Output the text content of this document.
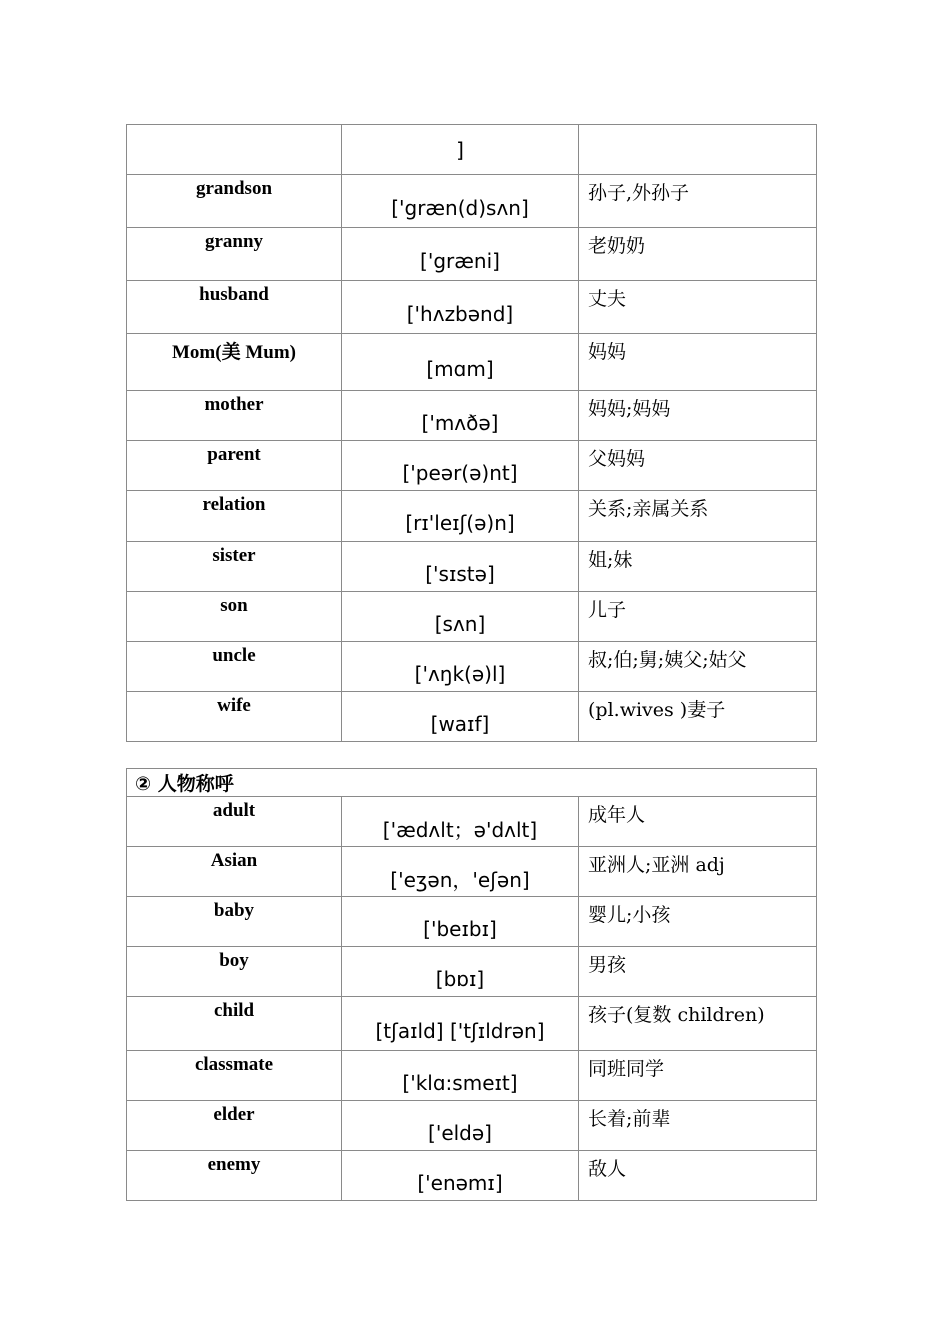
	]	
grandson	['græn(d)sʌn]	孙子,外孙子
granny	['græni]	老奶奶
husband	['hʌzbənd]	丈夫
Mom(美 Mum)	[mɑm]	妈妈
mother	['mʌðə]	妈妈;妈妈
parent	['peər(ə)nt]	父妈妈
relation	[rɪ'leɪʃ(ə)n]	关系;亲属关系
sister	['sɪstə]	姐;妹
son	[sʌn]	儿子
uncle	['ʌŋk(ə)l]	叔;伯;舅;姨父;姑父
wife	[waɪf]	(pl.wives )妻子
② 人物称呼		
adult	['ædʌlt；ə'dʌlt]	成年人
Asian	['eʒən，'eʃən]	亚洲人;亚洲 adj
baby	['beɪbɪ]	婴儿;小孩
boy	[bɒɪ]	男孩
child	[tʃaɪld] ['tʃɪldrən]	孩子(复数 children)
classmate	['klɑ:smeɪt]	同班同学
elder	['eldə]	长着;前辈
enemy	['enəmɪ]	敌人
